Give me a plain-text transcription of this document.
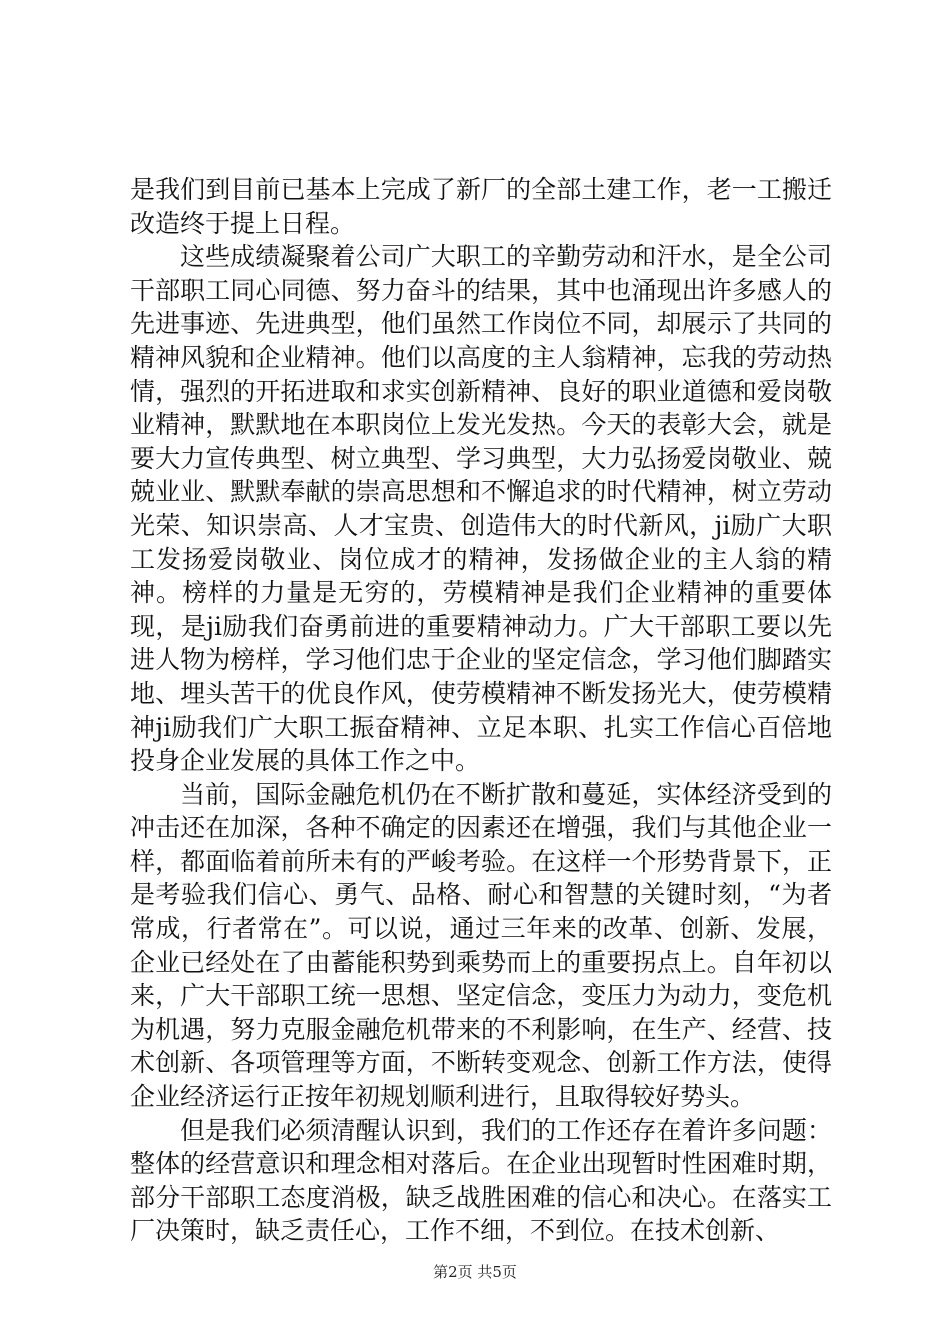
是我们到目前已基本上完成了新厂的全部土建工作，老一工搬迁改造终于提上日程。

这些成绩凝聚着公司广大职工的辛勤劳动和汗水，是全公司干部职工同心同德、努力奋斗的结果，其中也涌现出许多感人的先进事迹、先进典型，他们虽然工作岗位不同，却展示了共同的精神风貌和企业精神。他们以高度的主人翁精神，忘我的劳动热情，强烈的开拓进取和求实创新精神、良好的职业道德和爱岗敬业精神，默默地在本职岗位上发光发热。今天的表彰大会，就是要大力宣传典型、树立典型、学习典型，大力弘扬爱岗敬业、兢兢业业、默默奉献的崇高思想和不懈追求的时代精神，树立劳动光荣、知识崇高、人才宝贵、创造伟大的时代新风，ji励广大职工发扬爱岗敬业、岗位成才的精神，发扬做企业的主人翁的精神。榜样的力量是无穷的，劳模精神是我们企业精神的重要体现，是ji励我们奋勇前进的重要精神动力。广大干部职工要以先进人物为榜样，学习他们忠于企业的坚定信念，学习他们脚踏实地、埋头苦干的优良作风，使劳模精神不断发扬光大，使劳模精神ji励我们广大职工振奋精神、立足本职、扎实工作信心百倍地投身企业发展的具体工作之中。

当前，国际金融危机仍在不断扩散和蔓延，实体经济受到的冲击还在加深，各种不确定的因素还在增强，我们与其他企业一样，都面临着前所未有的严峻考验。在这样一个形势背景下，正是考验我们信心、勇气、品格、耐心和智慧的关键时刻，“为者常成，行者常在”。可以说，通过三年来的改革、创新、发展，企业已经处在了由蓄能积势到乘势而上的重要拐点上。自年初以来，广大干部职工统一思想、坚定信念，变压力为动力，变危机为机遇，努力克服金融危机带来的不利影响，在生产、经营、技术创新、各项管理等方面，不断转变观念、创新工作方法，使得企业经济运行正按年初规划顺利进行，且取得较好势头。

但是我们必须清醒认识到，我们的工作还存在着许多问题：整体的经营意识和理念相对落后。在企业出现暂时性困难时期，部分干部职工态度消极，缺乏战胜困难的信心和决心。在落实工厂决策时，缺乏责任心，工作不细，不到位。在技术创新、

第2页 共5页
